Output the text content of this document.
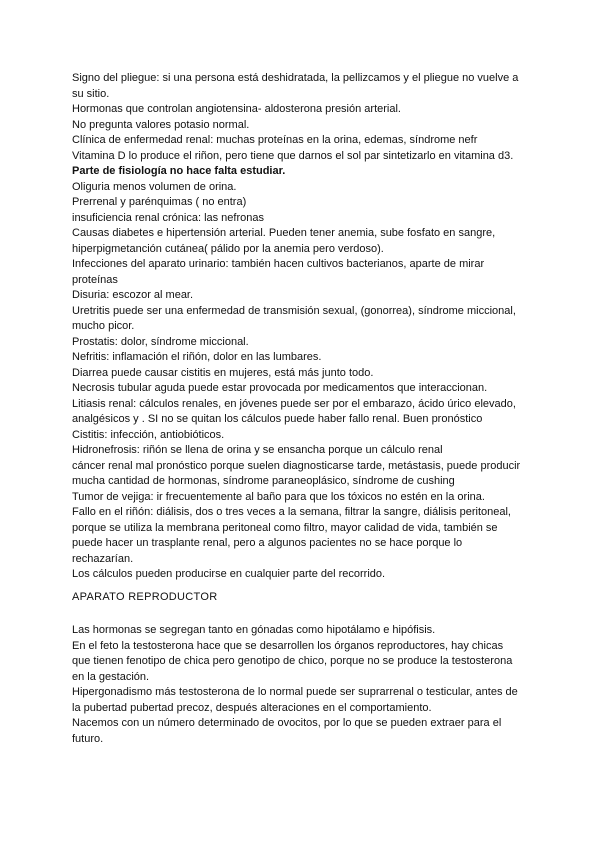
Signo del pliegue: si una persona está deshidratada, la pellizcamos y el pliegue no vuelve a
su sitio.
Hormonas que controlan angiotensina- aldosterona presión arterial.
No pregunta valores potasio normal.
Clínica de enfermedad renal: muchas proteínas en la orina, edemas, síndrome nefr
Vitamina D lo produce el riñon, pero tiene que darnos el sol par sintetizarlo en vitamina d3.
Parte de fisiología no hace falta estudiar.
Oliguria menos volumen de orina.
Prerrenal y parénquimas ( no entra)
insuficiencia renal crónica: las nefronas
Causas diabetes e hipertensión arterial. Pueden tener anemia, sube fosfato en sangre,
hiperpigmetanción cutánea( pálido por la anemia pero verdoso).
Infecciones del aparato urinario: también hacen cultivos bacterianos, aparte de mirar
proteínas
Disuria: escozor al mear.
Uretritis puede ser una enfermedad de transmisión sexual, (gonorrea), síndrome miccional,
mucho picor.
Prostatis: dolor, síndrome miccional.
Nefritis: inflamación el riñón, dolor en las lumbares.
Diarrea puede causar cistitis en mujeres, está más junto todo.
Necrosis tubular aguda puede estar provocada por medicamentos que interaccionan.
Litiasis renal: cálculos renales, en jóvenes puede ser por el embarazo, ácido úrico elevado,
analgésicos y . SI no se quitan los cálculos puede haber fallo renal. Buen pronóstico
Cistitis: infección, antiobióticos.
Hidronefrosis: riñón se llena de orina y se ensancha porque un cálculo renal
cáncer renal mal pronóstico porque suelen diagnosticarse tarde, metástasis, puede producir
mucha cantidad de hormonas, síndrome paraneoplásico, síndrome de cushing
Tumor de vejiga: ir frecuentemente al baño para que los tóxicos no estén en la orina.
Fallo en el riñón: diálisis, dos o tres veces a la semana, filtrar la sangre, diálisis peritoneal,
porque se utiliza la membrana peritoneal como filtro, mayor calidad de vida, también se
puede hacer un trasplante renal, pero a algunos pacientes no se hace porque lo
rechazarían.
Los cálculos pueden producirse en cualquier parte del recorrido.
APARATO REPRODUCTOR
Las hormonas se segregan tanto en gónadas como hipotálamo e hipófisis.
En el feto la testosterona hace que se desarrollen los órganos reproductores, hay chicas
que tienen fenotipo de chica pero genotipo de chico, porque no se produce la testosterona
en la gestación.
Hipergonadismo más testosterona de lo normal puede ser suprarrenal o testicular, antes de
la pubertad pubertad precoz, después alteraciones en el comportamiento.
Nacemos con un número determinado de ovocitos, por lo que se pueden extraer para el
futuro.
